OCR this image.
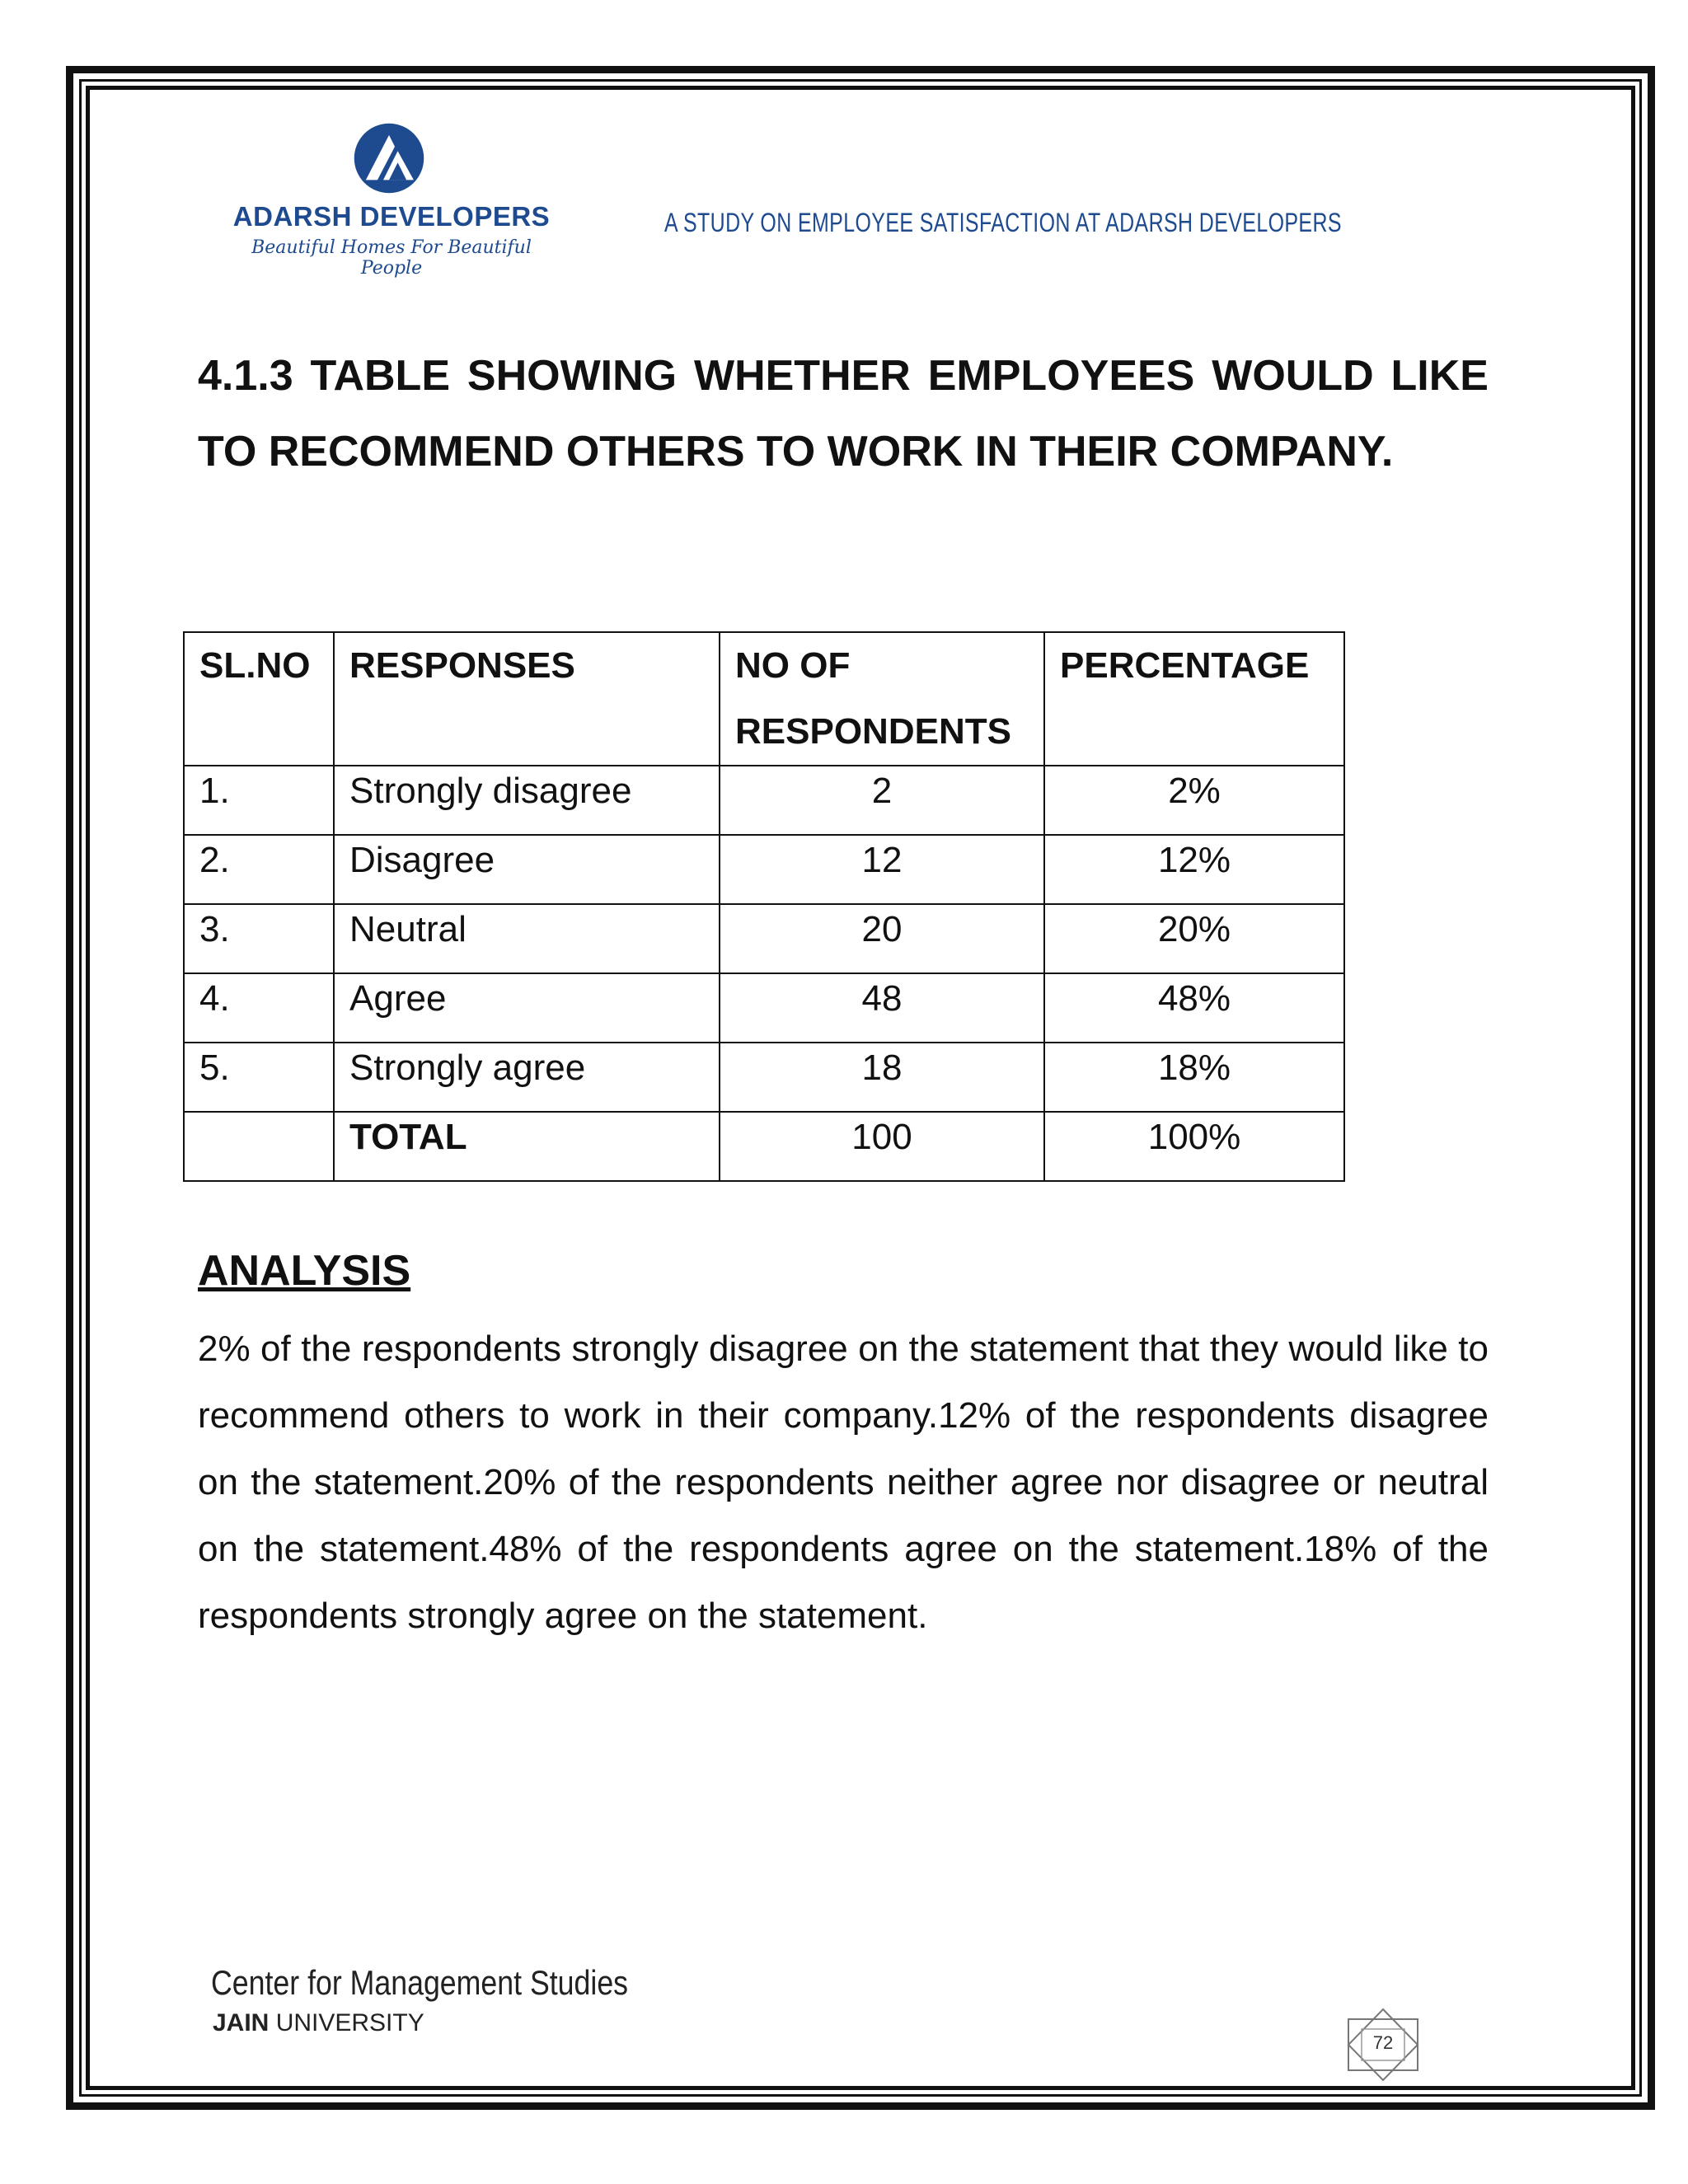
ADARSH DEVELOPERS
Beautiful Homes For Beautiful People
A STUDY ON EMPLOYEE SATISFACTION AT ADARSH DEVELOPERS
4.1.3 TABLE SHOWING WHETHER EMPLOYEES WOULD LIKE TO RECOMMEND OTHERS TO WORK IN THEIR COMPANY.
SL.NO	RESPONSES	NO OF RESPONDENTS	PERCENTAGE
1.	Strongly disagree	2	2%
2.	Disagree	12	12%
3.	Neutral	20	20%
4.	Agree	48	48%
5.	Strongly agree	18	18%
	TOTAL	100	100%
ANALYSIS

2% of the respondents strongly disagree on the statement that they would like to recommend others to work in their company.12% of the respondents disagree on the statement.20% of the respondents neither agree nor disagree or neutral on the statement.48% of the respondents agree on the statement.18% of the respondents strongly agree on the statement.

Center for Management Studies
JAIN UNIVERSITY
72
